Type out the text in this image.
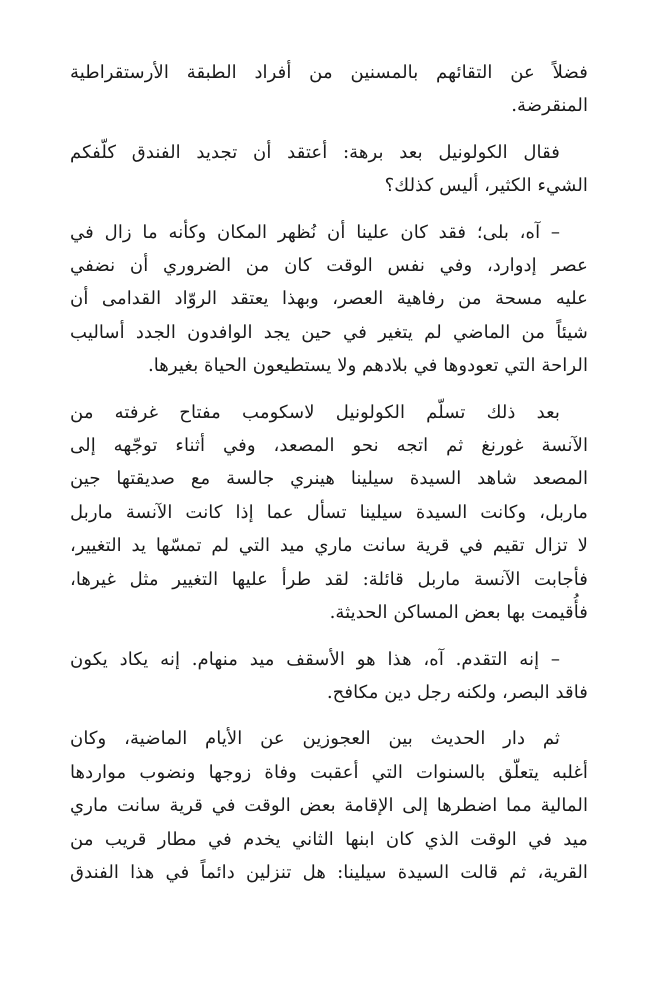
فضلاً عن التقائهم بالمسنين من أفراد الطبقة الأرستقراطية
المنقرضة.

فقال الكولونيل بعد برهة: أعتقد أن تجديد الفندق كلّفكم
الشيء الكثير، أليس كذلك؟

– آه، بلى؛ فقد كان علينا أن نُظهر المكان وكأنه ما زال في
عصر إدوارد، وفي نفس الوقت كان من الضروري أن نضفي
عليه مسحة من رفاهية العصر، وبهذا يعتقد الروّاد القدامى أن
شيئاً من الماضي لم يتغير في حين يجد الوافدون الجدد أساليب
الراحة التي تعودوها في بلادهم ولا يستطيعون الحياة بغيرها.

بعد ذلك تسلّم الكولونيل لاسكومب مفتاح غرفته من
الآنسة غورنغ ثم اتجه نحو المصعد، وفي أثناء توجّهه إلى
المصعد شاهد السيدة سيلينا هينري جالسة مع صديقتها جين
ماربل، وكانت السيدة سيلينا تسأل عما إذا كانت الآنسة ماربل
لا تزال تقيم في قرية سانت ماري ميد التي لم تمسّها يد التغيير،
فأجابت الآنسة ماربل قائلة: لقد طرأ عليها التغيير مثل غيرها،
فأُقيمت بها بعض المساكن الحديثة.

– إنه التقدم. آه، هذا هو الأسقف ميد منهام. إنه يكاد يكون
فاقد البصر، ولكنه رجل دين مكافح.

ثم دار الحديث بين العجوزين عن الأيام الماضية، وكان
أغلبه يتعلّق بالسنوات التي أعقبت وفاة زوجها ونضوب مواردها
المالية مما اضطرها إلى الإقامة بعض الوقت في قرية سانت ماري
ميد في الوقت الذي كان ابنها الثاني يخدم في مطار قريب من
القرية، ثم قالت السيدة سيلينا: هل تنزلين دائماً في هذا الفندق
